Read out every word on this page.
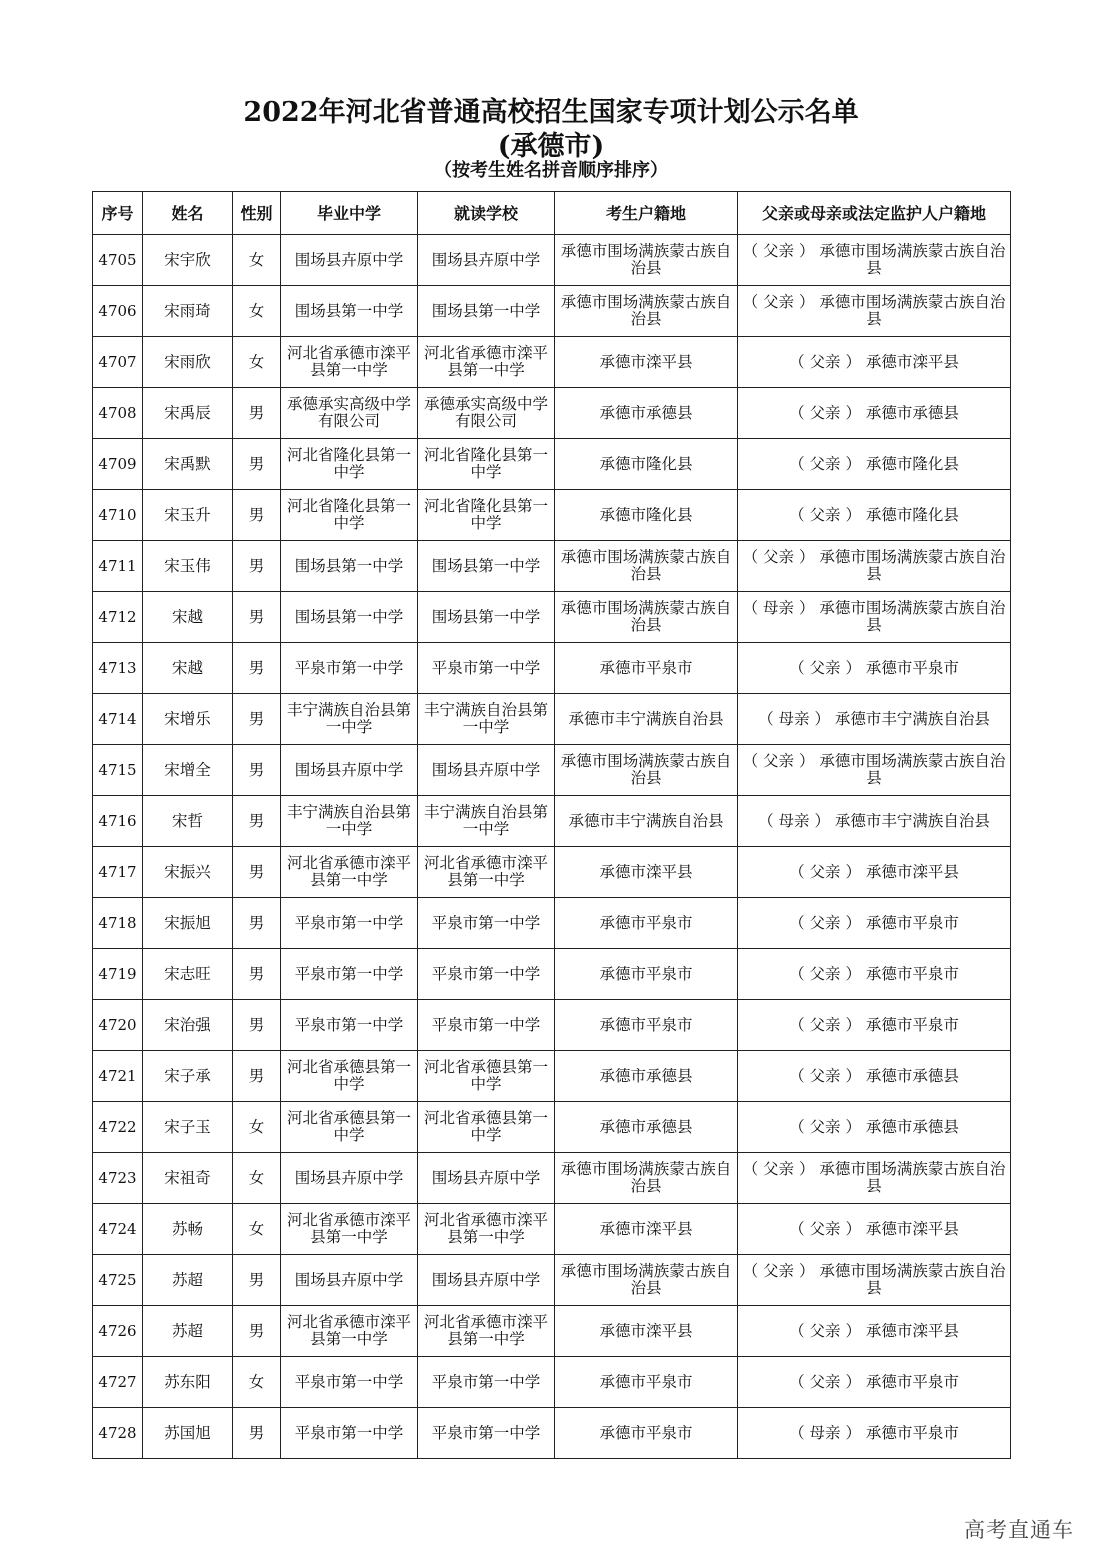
2022年河北省普通高校招生国家专项计划公示名单
(承德市)
（按考生姓名拼音顺序排序）
序号	姓名	性别	毕业中学	就读学校	考生户籍地	父亲或母亲或法定监护人户籍地

4705	宋宇欣	女	围场县卉原中学	围场县卉原中学	承德市围场满族蒙古族自治县	（ 父亲 ） 承德市围场满族蒙古族自治县

4706	宋雨琦	女	围场县第一中学	围场县第一中学	承德市围场满族蒙古族自治县	（ 父亲 ） 承德市围场满族蒙古族自治县

4707	宋雨欣	女	河北省承德市滦平县第一中学	河北省承德市滦平县第一中学	承德市滦平县	（ 父亲 ） 承德市滦平县

4708	宋禹辰	男	承德承实高级中学有限公司	承德承实高级中学有限公司	承德市承德县	（ 父亲 ） 承德市承德县

4709	宋禹默	男	河北省隆化县第一中学	河北省隆化县第一中学	承德市隆化县	（ 父亲 ） 承德市隆化县

4710	宋玉升	男	河北省隆化县第一中学	河北省隆化县第一中学	承德市隆化县	（ 父亲 ） 承德市隆化县

4711	宋玉伟	男	围场县第一中学	围场县第一中学	承德市围场满族蒙古族自治县	（ 父亲 ） 承德市围场满族蒙古族自治县

4712	宋越	男	围场县第一中学	围场县第一中学	承德市围场满族蒙古族自治县	（ 母亲 ） 承德市围场满族蒙古族自治县

4713	宋越	男	平泉市第一中学	平泉市第一中学	承德市平泉市	（ 父亲 ） 承德市平泉市

4714	宋增乐	男	丰宁满族自治县第一中学	丰宁满族自治县第一中学	承德市丰宁满族自治县	（ 母亲 ） 承德市丰宁满族自治县

4715	宋增全	男	围场县卉原中学	围场县卉原中学	承德市围场满族蒙古族自治县	（ 父亲 ） 承德市围场满族蒙古族自治县

4716	宋哲	男	丰宁满族自治县第一中学	丰宁满族自治县第一中学	承德市丰宁满族自治县	（ 母亲 ） 承德市丰宁满族自治县

4717	宋振兴	男	河北省承德市滦平县第一中学	河北省承德市滦平县第一中学	承德市滦平县	（ 父亲 ） 承德市滦平县

4718	宋振旭	男	平泉市第一中学	平泉市第一中学	承德市平泉市	（ 父亲 ） 承德市平泉市

4719	宋志旺	男	平泉市第一中学	平泉市第一中学	承德市平泉市	（ 父亲 ） 承德市平泉市

4720	宋治强	男	平泉市第一中学	平泉市第一中学	承德市平泉市	（ 父亲 ） 承德市平泉市

4721	宋子承	男	河北省承德县第一中学	河北省承德县第一中学	承德市承德县	（ 父亲 ） 承德市承德县

4722	宋子玉	女	河北省承德县第一中学	河北省承德县第一中学	承德市承德县	（ 父亲 ） 承德市承德县

4723	宋祖奇	女	围场县卉原中学	围场县卉原中学	承德市围场满族蒙古族自治县	（ 父亲 ） 承德市围场满族蒙古族自治县

4724	苏畅	女	河北省承德市滦平县第一中学	河北省承德市滦平县第一中学	承德市滦平县	（ 父亲 ） 承德市滦平县

4725	苏超	男	围场县卉原中学	围场县卉原中学	承德市围场满族蒙古族自治县	（ 父亲 ） 承德市围场满族蒙古族自治县

4726	苏超	男	河北省承德市滦平县第一中学	河北省承德市滦平县第一中学	承德市滦平县	（ 父亲 ） 承德市滦平县

4727	苏东阳	女	平泉市第一中学	平泉市第一中学	承德市平泉市	（ 父亲 ） 承德市平泉市

4728	苏国旭	男	平泉市第一中学	平泉市第一中学	承德市平泉市	（ 母亲 ） 承德市平泉市
高考直通车
